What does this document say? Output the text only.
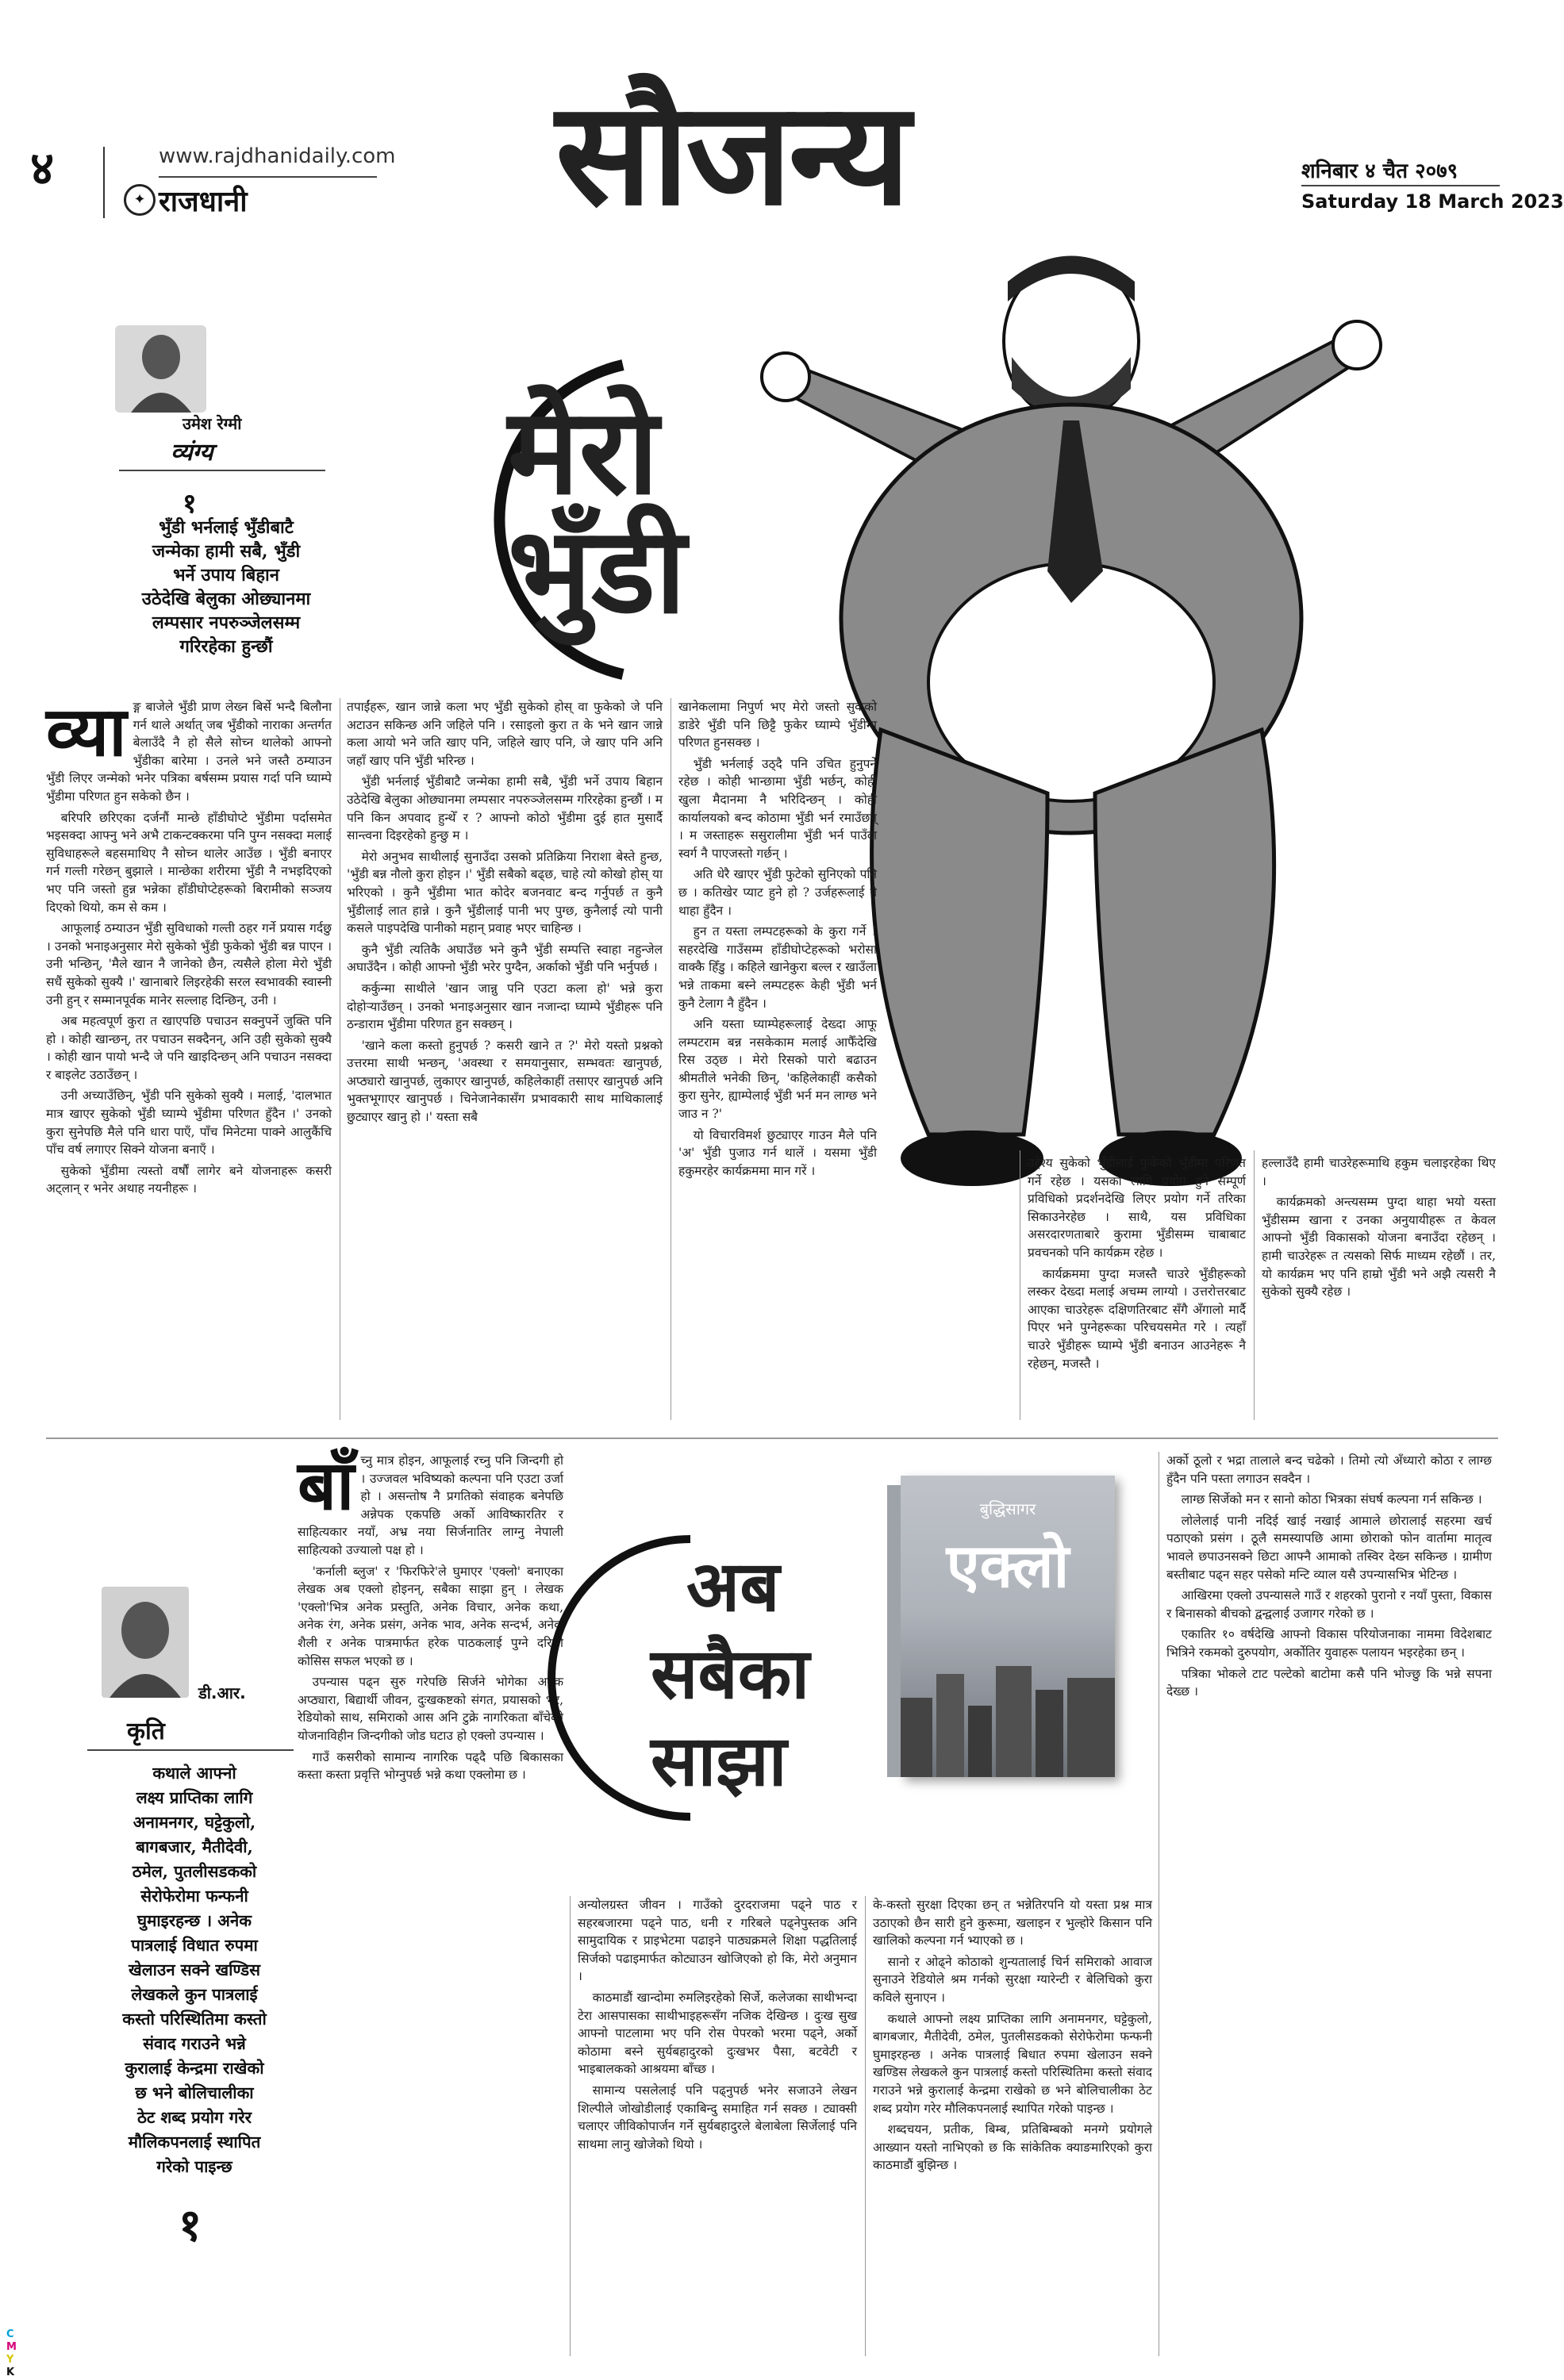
४	www.rajdhanidaily.com
✦ राजधानी सौजन्य	शनिबार ४ चैत २०७९
Saturday 18 March 2023
उमेश रेग्मी
व्यंग्य मेरो
भुँडी
१
भुँडी भर्नलाई भुँडीबाटै
जन्मेका हामी सबै, भुँडी
भर्ने उपाय बिहान
उठेदेखि बेलुका ओछ्यानमा
लम्पसार नपरुञ्जेलसम्म
गरिरहेका हुन्छौं
व्या ङ्ग बाजेले भुँडी प्राण लेख्न बिर्से भन्दै बिलौना गर्न थाले अर्थात् जब भुँडीको नाराका अन्तर्गत बेलाउँदै नै हो सैले सोच्न थालेको आफ्नो भुँडीका बारेमा । उनले भने जस्तै ठम्याउन भुँडी लिएर जन्मेको भनेर पत्रिका बर्षसम्म प्रयास गर्दा पनि घ्याम्पे भुँडीमा परिणत हुन सकेको छैन ।

बरिपरि छरिएका दर्जनौं मान्छे हाँडीघोप्टे भुँडीमा पर्दासमेत भइसक्दा आफ्नु भने अभै टाकन्टक्करमा पनि पुग्न नसक्दा मलाई सुविधाहरूले बहसमाथिए नै सोच्न थालेर आउँछ । भुँडी बनाएर गर्न गल्ती गरेछन् बुझाले । मान्छेका शरीरमा भुँडी नै नभइदिएको भए पनि जस्तो हुन्न भन्नेका हाँडीघोप्टेहरूको बिरामीको सञ्जय दिएको थियो, कम से कम ।

आफूलाई ठम्याउन भुँडी सुविधाको गल्ती ठहर गर्ने प्रयास गर्दछु । उनको भनाइअनुसार मेरो सुकेको भुँडी फुकेको भुँडी बन्न पाएन । उनी भन्छिन्, 'मैले खान नै जानेको छैन, त्यसैले होला मेरो भुँडी सधैं सुकेको सुक्यै ।' खानाबारे लिइरहेकी सरल स्वभावकी स्वास्नी उनी हुन् र सम्मानपूर्वक मानेर सल्लाह दिन्छिन्, उनी ।

अब महत्वपूर्ण कुरा त खाएपछि पचाउन सक्नुपर्ने जुक्ति पनि हो । कोही खान्छन्, तर पचाउन सक्दैनन्, अनि उही सुकेको सुक्यै । कोही खान पायो भन्दै जे पनि खाइदिन्छन् अनि पचाउन नसक्दा र बाइलेट उठाउँछन् ।

उनी अच्याउँछिन्, भुँडी पनि सुकेको सुक्यै । मलाई, 'दालभात मात्र खाएर सुकेको भुँडी घ्याम्पे भुँडीमा परिणत हुँदैन ।' उनको कुरा सुनेपछि मैले पनि धारा पाएँ, पाँच मिनेटमा पाक्ने आलुकैंचि पाँच वर्ष लगाएर सिक्ने योजना बनाएँ ।

सुकेको भुँडीमा त्यस्तो वर्षौं लागेर बने योजनाहरू कसरी अट्लान् र भनेर अथाह नयनीहरू ।

तपाईंहरू, खान जान्ने कला भए भुँडी सुकेको होस् वा फुकेको जे पनि अटाउन सकिन्छ अनि जहिले पनि । रसाइलो कुरा त के भने खान जान्ने कला आयो भने जति खाए पनि, जहिले खाए पनि, जे खाए पनि अनि जहाँ खाए पनि भुँडी भरिन्छ ।

भुँडी भर्नलाई भुँडीबाटै जन्मेका हामी सबै, भुँडी भर्ने उपाय बिहान उठेदेखि बेलुका ओछ्यानमा लम्पसार नपरुञ्जेलसम्म गरिरहेका हुन्छौं । म पनि किन अपवाद हुन्थेँ र ? आफ्नो कोठो भुँडीमा दुई हात मुसार्दै सान्त्वना दिइरहेको हुन्छु म ।

मेरो अनुभव साथीलाई सुनाउँदा उसको प्रतिक्रिया निराशा बेस्ते हुन्छ, 'भुँडी बन्न नौलो कुरा होइन ।' भुँडी सबैको बढ्छ, चाहे त्यो कोखो होस् या भरिएको । कुनै भुँडीमा भात कोदेर बजनवाट बन्द गर्नुपर्छ त कुनै भुँडीलाई लात हान्ने । कुनै भुँडीलाई पानी भए पुग्छ, कुनैलाई त्यो पानी कसले पाइपदेखि पानीको महान् प्रवाह भएर चाहिन्छ ।

कुनै भुँडी त्यतिकै अघाउँछ भने कुनै भुँडी सम्पत्ति स्वाहा नहुन्जेल अघाउँदैन । कोही आफ्नो भुँडी भरेर पुग्दैन, अर्काको भुँडी पनि भर्नुपर्छ ।

कर्कुन्मा साथीले 'खान जान्नु पनि एउटा कला हो' भन्ने कुरा दोहोर्‍याउँछन् । उनको भनाइअनुसार खान नजान्दा घ्याम्पे भुँडीहरू पनि ठन्डाराम भुँडीमा परिणत हुन सक्छन् ।

'खाने कला कस्तो हुनुपर्छ ? कसरी खाने त ?' मेरो यस्तो प्रश्नको उत्तरमा साथी भन्छन्, 'अवस्था र समयानुसार, सम्भवतः खानुपर्छ, अप्ठ्यारो खानुपर्छ, लुकाएर खानुपर्छ, कहिलेकाहीं तसाएर खानुपर्छ अनि भुक्तभूगाएर खानुपर्छ । चिनेजानेकासँग प्रभावकारी साथ माथिकालाई छुट्याएर खानु हो ।' यस्ता सबै

खानेकलामा निपुर्ण भए मेरो जस्तो सुकेको डाडेरे भुँडी पनि छिट्टै फुकेर घ्याम्पे भुँडीमा परिणत हुनसक्छ ।

भुँडी भर्नलाई उठ्दै पनि उचित हुनुपर्ने रहेछ । कोही भान्छामा भुँडी भर्छन्, कोही खुला मैदानमा नै भरिदिन्छन् । कोही कार्यालयको बन्द कोठामा भुँडी भर्न रमाउँछन् । म जस्ताहरू ससुरालीमा भुँडी भर्न पाउँदा स्वर्ग नै पाएजस्तो गर्छन् ।

अति धेरै खाएर भुँडी फुटेको सुनिएको पनि छ । कतिखेर प्याट हुने हो ? उर्जहरूलाई नै थाहा हुँदैन ।

हुन त यस्ता लम्पटहरूको के कुरा गर्ने ! सहरदेखि गाउँसम्म हाँडीघोप्टेहरूको भरोसा वाक्कै हिँडु । कहिले खानेकुरा बल्ल र खाउँला भन्ने ताकमा बस्ने लम्पटहरू केही भुँडी भर्न कुनै टेलाग नै हुँदैन ।

अनि यस्ता घ्याम्पेहरूलाई देख्दा आफू लम्पटराम बन्न नसकेकाम मलाई आफैँदेखि रिस उठ्छ । मेरो रिसको पारो बढाउन श्रीमतीले भनेकी छिन्, 'कहिलेकाहीं कसैको कुरा सुनेर, ह्याम्पेलाई भुँडी भर्न मन लाग्छ भने जाउ न ?'

यो विचारविमर्श छुट्याएर गाउन मैले पनि 'अ' भुँडी पुजाउ गर्न थालें । यसमा भुँडी हकुमरहेर कार्यक्रममा मान गरें ।

उद्देश्य सुकेको भुँडीलाई फुकेको भुँडीमा परिणत गर्ने रहेछ । यसका लागि प्रयोग हुने सम्पूर्ण प्रविधिको प्रदर्शनदेखि लिएर प्रयोग गर्ने तरिका सिकाउनेरहेछ । साथै, यस प्रविधिका असरदारणताबारे कुरामा भुँडीसम्म चाबाबाट प्रवचनको पनि कार्यक्रम रहेछ ।

कार्यक्रममा पुग्दा मजस्तै चाउरे भुँडीहरूको लस्कर देख्दा मलाई अचम्म लाग्यो । उत्तरोत्तरबाट आएका चाउरेहरू दक्षिणतिरबाट सँगै अँगालो मार्दै पिएर भने पुग्नेहरूका परिचयसमेत गरे । त्यहाँ चाउरे भुँडीहरू घ्याम्पे भुँडी बनाउन आउनेहरू नै रहेछन्, मजस्तै ।

हल्लाउँदै हामी चाउरेहरूमाथि हकुम चलाइरहेका थिए ।

कार्यक्रमको अन्त्यसम्म पुग्दा थाहा भयो यस्ता भुँडीसम्म खाना र उनका अनुयायीहरू त केवल आफ्नो भुँडी विकासको योजना बनाउँदा रहेछन् । हामी चाउरेहरू त त्यसको सिर्फ माध्यम रहेछौं । तर, यो कार्यक्रम भए पनि हाम्रो भुँडी भने अझै त्यसरी नै सुकेको सुक्यै रहेछ ।

डी.आर.
कृति
कथाले आफ्नो
लक्ष्य प्राप्तिका लागि
अनामनगर, घट्टेकुलो,
बागबजार, मैतीदेवी,
ठमेल, पुतलीसडकको
सेरोफेरोमा फन्फनी
घुमाइरहन्छ । अनेक
पात्रलाई विधात रुपमा
खेलाउन सक्ने खण्डिस
लेखकले कुन पात्रलाई
कस्तो परिस्थितिमा कस्तो
संवाद गराउने भन्ने
कुरालाई केन्द्रमा राखेको
छ भने बोलिचालीका
ठेट शब्द प्रयोग गरेर
मौलिकपनलाई स्थापित
गरेको पाइन्छ
१
बाँ च्नु मात्र होइन, आफूलाई रच्नु पनि जिन्दगी हो । उज्जवल भविष्यको कल्पना पनि एउटा उर्जा हो । असन्तोष नै प्रगतिको संवाहक बनेपछि अन्नेपक एकपछि अर्को आविष्कारतिर र साहित्यकार नयाँ, अभ्र नया सिर्जनातिर लाग्नु नेपाली साहित्यको उज्यालो पक्ष हो ।

'कर्नाली ब्लुज' र 'फिरफिरे'ले घुमाएर 'एक्लो' बनाएका लेखक अब एक्लो होइनन्, सबैका साझा हुन् । लेखक 'एक्लो'भित्र अनेक प्रस्तुति, अनेक विचार, अनेक कथा, अनेक रंग, अनेक प्रसंग, अनेक भाव, अनेक सन्दर्भ, अनेक शैली र अनेक पात्रमार्फत हरेक पाठकलाई पुग्ने दरिलो कोसिस सफल भएको छ ।

उपन्यास पढ्न सुरु गरेपछि सिर्जने भोगेका अनेक अप्ठ्यारा, बिद्यार्थी जीवन, दुःखकष्टको संगत, प्रयासको भर, रेडियोको साथ, समिराको आस अनि टुक्रे नागरिकता बाँचेको योजनाविहीन जिन्दगीको जोड घटाउ हो एक्लो उपन्यास ।

गाउँ कसरीको सामान्य नागरिक पढ्दै पछि बिकासका कस्ता कस्ता प्रवृत्ति भोग्नुपर्छ भन्ने कथा एक्लोमा छ ।

अब
सबैका
साझा
बुद्धिसागर
एक्लो

अन्योलग्रस्त जीवन । गाउँको दुरदराजमा पढ्ने पाठ र सहरबजारमा पढ्ने पाठ, धनी र गरिबले पढ्नेपुस्तक अनि सामुदायिक र प्राइभेटमा पढाइने पाठ्यक्रमले शिक्षा पद्धतिलाई सिर्जको पढाइमार्फत कोट्याउन खोजिएको हो कि, मेरो अनुमान ।

काठमाडौं खान्दोमा रुमलिइरहेको सिर्जे, कलेजका साथीभन्दा टेरा आसपासका साथीभाइहरूसँग नजिक देखिन्छ । दुःख सुख आफ्नो पाटलामा भए पनि रोस पेपरको भरमा पढ्ने, अर्को कोठामा बस्ने सुर्यबहादुरको दुःखभर पैसा, बटवेटी र भाइबालकको आश्रयमा बाँच्छ ।

सामान्य पसलेलाई पनि पढ्नुपर्छ भनेर सजाउने लेखन शिल्पीले जोखोडीलाई एकाबिन्दु समाहित गर्न सक्छ । ट्याक्सी चलाएर जीविकोपार्जन गर्ने सुर्यबहादुरले बेलाबेला सिर्जेलाई पनि साथमा लानु खोजेको थियो ।

के-कस्तो सुरक्षा दिएका छन् त भन्नेतिरपनि यो यस्ता प्रश्न मात्र उठाएको छैन सारी हुने कुरूमा, खलाइन र भुल्होरे किसान पनि खालिको कल्पना गर्न भ्याएको छ ।

सानो र ओढ्ने कोठाको शुन्यतालाई चिर्न समिराको आवाज सुनाउने रेडियोले श्रम गर्नको सुरक्षा ग्यारेन्टी र बेलिचिको कुरा कविले सुनाएन ।

कथाले आफ्नो लक्ष्य प्राप्तिका लागि अनामनगर, घट्टेकुलो, बागबजार, मैतीदेवी, ठमेल, पुतलीसडकको सेरोफेरोमा फन्फनी घुमाइरहन्छ । अनेक पात्रलाई बिधात रुपमा खेलाउन सक्ने खण्डिस लेखकले कुन पात्रलाई कस्तो परिस्थितिमा कस्तो संवाद गराउने भन्ने कुरालाई केन्द्रमा राखेको छ भने बोलिचालीका ठेट शब्द प्रयोग गरेर मौलिकपनलाई स्थापित गरेको पाइन्छ ।

शब्दचयन, प्रतीक, बिम्ब, प्रतिबिम्बको मनग्गे प्रयोगले आख्यान यस्तो नाभिएको छ कि सांकेतिक क्याङमारिएको कुरा काठमाडौं बुझिन्छ ।

अर्को ठूलो र भद्रा तालाले बन्द चढेको । तिमो त्यो अँध्यारो कोठा र लाग्छ हुँदैन पनि पस्ता लगाउन सक्दैन ।

लाग्छ सिर्जेको मन र सानो कोठा भित्रका संघर्ष कल्पना गर्न सकिन्छ ।

लोलेलाई पानी नदिई खाई नखाई आमाले छोरालाई सहरमा खर्च पठाएको प्रसंग । ठूलै समस्यापछि आमा छोराको फोन वार्तामा मातृत्व भावले छपाउनसक्ने छिटा आफ्नै आमाको तस्विर देख्न सकिन्छ । ग्रामीण बस्तीबाट पढ्न सहर पसेको मन्टि व्याल यसै उपन्यासभित्र भेटिन्छ ।

आखिरमा एक्लो उपन्यासले गाउँ र शहरको पुरानो र नयाँ पुस्ता, विकास र बिनासको बीचको द्वन्द्वलाई उजागर गरेको छ ।

एकातिर १० वर्षदेखि आफ्नो विकास परियोजनाका नाममा विदेशबाट भित्रिने रकमको दुरुपयोग, अर्कोतिर युवाहरू पलायन भइरहेका छन् ।

पत्रिका भोकले टाट पल्टेको बाटोमा कसै पनि भोज्छु कि भन्ने सपना देख्छ ।

C
M
Y
K
